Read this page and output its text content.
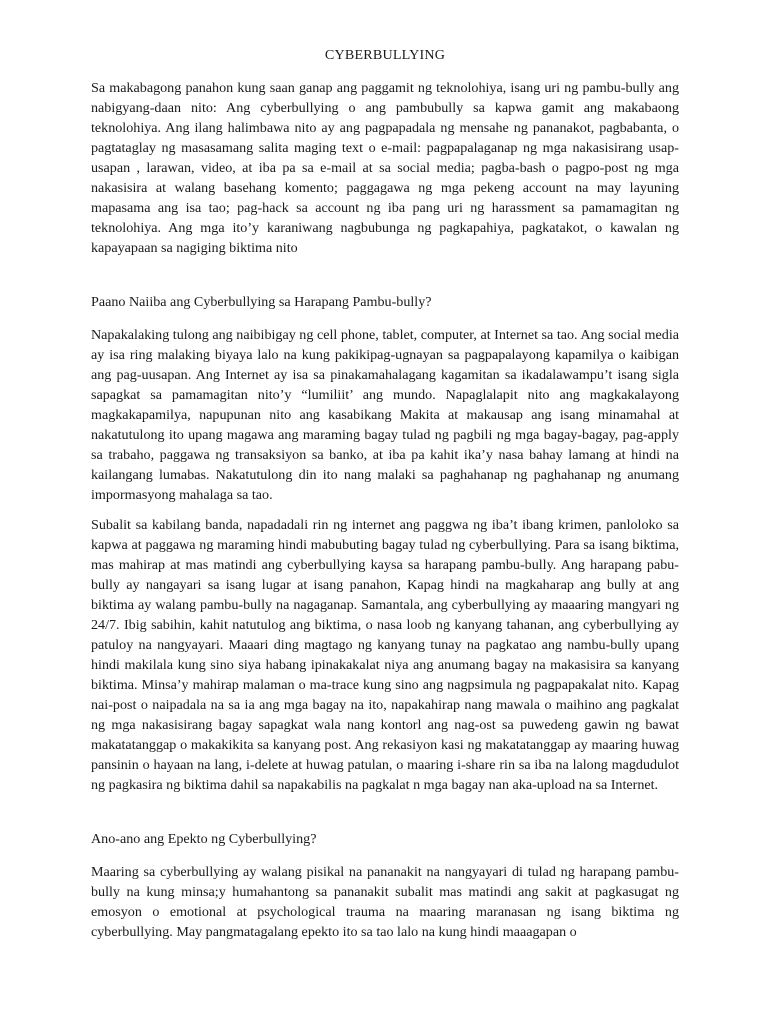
CYBERBULLYING

Sa makabagong panahon kung saan ganap ang paggamit ng teknolohiya, isang uri ng pambu-bully ang nabigyang-daan nito: Ang cyberbullying o ang pambubully sa kapwa gamit ang makabaong teknolohiya. Ang ilang halimbawa nito ay ang pagpapadala ng mensahe ng pananakot, pagbabanta, o pagtataglay ng masasamang salita maging text o e-mail: pagpapalaganap ng mga nakasisirang usap-usapan , larawan, video, at iba pa sa e-mail at sa social media; pagba-bash o pagpo-post ng mga nakasisira at walang basehang komento; paggagawa ng mga pekeng account na may layuning mapasama ang isa tao; pag-hack sa account ng iba pang uri ng harassment sa pamamagitan ng teknolohiya. Ang mga ito’y karaniwang nagbubunga ng pagkapahiya, pagkatakot, o kawalan ng kapayapaan sa nagiging biktima nito

Paano Naiiba ang Cyberbullying sa Harapang Pambu-bully?

Napakalaking tulong ang naibibigay ng cell phone, tablet, computer, at Internet sa tao. Ang social media ay isa ring malaking biyaya lalo na kung pakikipag-ugnayan sa pagpapalayong kapamilya o kaibigan ang pag-uusapan. Ang Internet ay isa sa pinakamahalagang kagamitan sa ikadalawampu’t isang sigla sapagkat sa pamamagitan nito’y “lumiliit’ ang mundo. Napaglalapit nito ang magkakalayong magkakapamilya, napupunan nito ang kasabikang Makita at makausap ang isang minamahal at nakatutulong ito upang magawa ang maraming bagay tulad ng pagbili ng mga bagay-bagay, pag-apply sa trabaho, paggawa ng transaksiyon sa banko, at iba pa kahit ika’y nasa bahay lamang at hindi na kailangang lumabas. Nakatutulong din ito nang malaki sa paghahanap ng paghahanap ng anumang impormasyong mahalaga sa tao.

Subalit sa kabilang banda, napadadali rin ng internet ang paggwa ng iba’t ibang krimen, panloloko sa kapwa at paggawa ng maraming hindi mabubuting bagay tulad ng cyberbullying. Para sa isang biktima, mas mahirap at mas matindi ang cyberbullying kaysa sa harapang pambu-bully. Ang harapang pabu-bully ay nangayari sa isang lugar at isang panahon, Kapag hindi na magkaharap ang bully at ang biktima ay walang pambu-bully na nagaganap. Samantala, ang cyberbullying ay maaaring mangyari ng 24/7. Ibig sabihin, kahit natutulog ang biktima, o nasa loob ng kanyang tahanan, ang cyberbullying ay patuloy na nangyayari. Maaari ding magtago ng kanyang tunay na pagkatao ang nambu-bully upang hindi makilala kung sino siya habang ipinakakalat niya ang anumang bagay na makasisira sa kanyang biktima. Minsa’y mahirap malaman o ma-trace kung sino ang nagpsimula ng pagpapakalat nito. Kapag nai-post o naipadala na sa ia ang mga bagay na ito, napakahirap nang mawala o maihino ang pagkalat ng mga nakasisirang bagay sapagkat wala nang kontorl ang nag-ost sa puwedeng gawin ng bawat makatatanggap o makakikita sa kanyang post. Ang rekasiyon kasi ng makatatanggap ay maaring huwag pansinin o hayaan na lang, i-delete at huwag patulan, o maaring i-share rin sa iba na lalong magdudulot ng pagkasira ng biktima dahil sa napakabilis na pagkalat n mga bagay nan aka-upload na sa Internet.

Ano-ano ang Epekto ng Cyberbullying?

Maaring sa cyberbullying ay walang pisikal na pananakit na nangyayari di tulad ng harapang pambu-bully na kung minsa;y humahantong sa pananakit subalit mas matindi ang sakit at pagkasugat ng emosyon o emotional at psychological trauma na maaring maranasan ng isang biktima ng cyberbullying. May pangmatagalang epekto ito sa tao lalo na kung hindi maaagapan o
